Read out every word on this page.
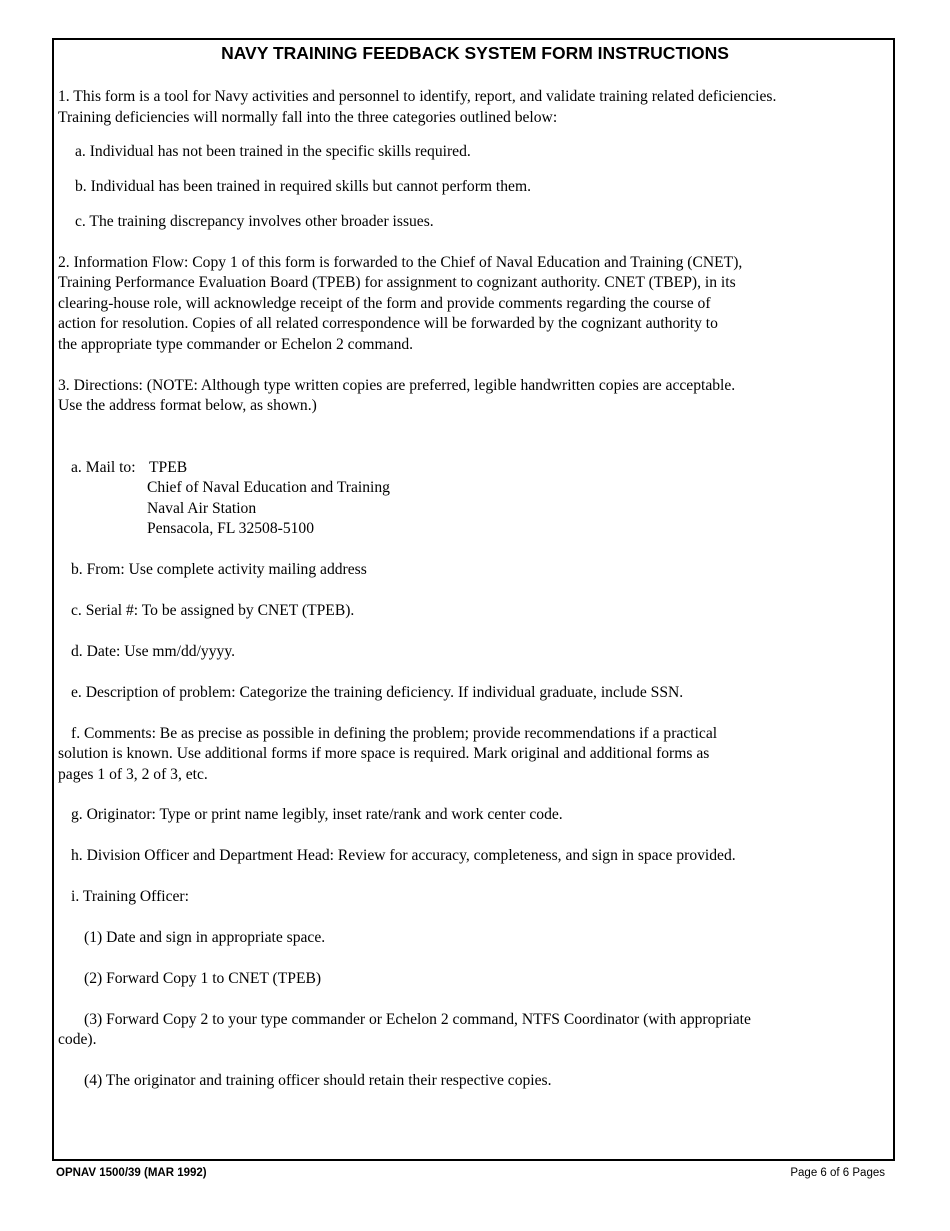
NAVY TRAINING FEEDBACK SYSTEM FORM INSTRUCTIONS

1. This form is a tool for Navy activities and personnel to identify, report, and validate training related deficiencies.

Training deficiencies will normally fall into the three categories outlined below:

a. Individual has not been trained in the specific skills required.

b. Individual has been trained in required skills but cannot perform them.

c. The training discrepancy involves other broader issues.

2. Information Flow: Copy 1 of this form is forwarded to the Chief of Naval Education and Training (CNET),

Training Performance Evaluation Board (TPEB) for assignment to cognizant authority. CNET (TBEP), in its

clearing-house role, will acknowledge receipt of the form and provide comments regarding the course of

action for resolution. Copies of all related correspondence will be forwarded by the cognizant authority to

the appropriate type commander or Echelon 2 command.

3. Directions: (NOTE: Although type written copies are preferred, legible handwritten copies are acceptable.

Use the address format below, as shown.)

a. Mail to: TPEB

Chief of Naval Education and Training

Naval Air Station

Pensacola, FL 32508-5100

b. From: Use complete activity mailing address

c. Serial #: To be assigned by CNET (TPEB).

d. Date: Use mm/dd/yyyy.

e. Description of problem: Categorize the training deficiency. If individual graduate, include SSN.

f. Comments: Be as precise as possible in defining the problem; provide recommendations if a practical

solution is known. Use additional forms if more space is required. Mark original and additional forms as

pages 1 of 3, 2 of 3, etc.

g. Originator: Type or print name legibly, inset rate/rank and work center code.

h. Division Officer and Department Head: Review for accuracy, completeness, and sign in space provided.

i. Training Officer:

(1) Date and sign in appropriate space.

(2) Forward Copy 1 to CNET (TPEB)

(3) Forward Copy 2 to your type commander or Echelon 2 command, NTFS Coordinator (with appropriate

code).

(4) The originator and training officer should retain their respective copies.

OPNAV 1500/39 (MAR 1992)	Page 6 of 6 Pages
